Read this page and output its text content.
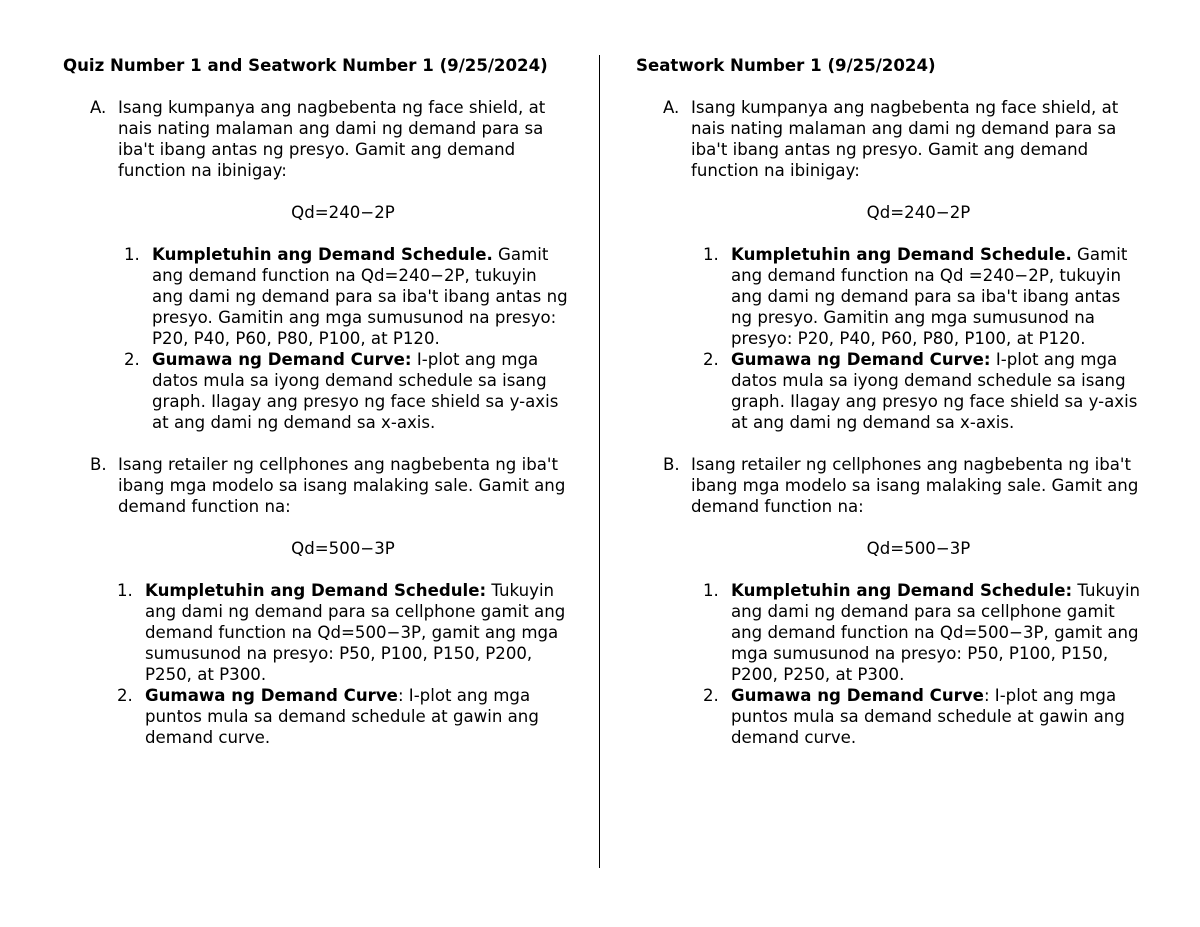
Quiz Number 1 and Seatwork Number 1 (9/25/2024)
A. Isang kumpanya ang nagbebenta ng face shield, at nais nating malaman ang dami ng demand para sa iba't ibang antas ng presyo. Gamit ang demand function na ibinigay:
Qd=240−2P
1. Kumpletuhin ang Demand Schedule. Gamit ang demand function na Qd=240−2P, tukuyin ang dami ng demand para sa iba't ibang antas ng presyo. Gamitin ang mga sumusunod na presyo: P20, P40, P60, P80, P100, at P120.
2. Gumawa ng Demand Curve: I-plot ang mga datos mula sa iyong demand schedule sa isang graph. Ilagay ang presyo ng face shield sa y-axis at ang dami ng demand sa x-axis.
B. Isang retailer ng cellphones ang nagbebenta ng iba't ibang mga modelo sa isang malaking sale. Gamit ang demand function na:
Qd=500−3P
1. Kumpletuhin ang Demand Schedule: Tukuyin ang dami ng demand para sa cellphone gamit ang demand function na Qd=500−3P, gamit ang mga sumusunod na presyo: P50, P100, P150, P200, P250, at P300.
2. Gumawa ng Demand Curve: I-plot ang mga puntos mula sa demand schedule at gawin ang demand curve.
Seatwork Number 1 (9/25/2024)
A. Isang kumpanya ang nagbebenta ng face shield, at nais nating malaman ang dami ng demand para sa iba't ibang antas ng presyo. Gamit ang demand function na ibinigay:
Qd=240−2P
1. Kumpletuhin ang Demand Schedule. Gamit ang demand function na Qd =240−2P, tukuyin ang dami ng demand para sa iba't ibang antas ng presyo. Gamitin ang mga sumusunod na presyo: P20, P40, P60, P80, P100, at P120.
2. Gumawa ng Demand Curve: I-plot ang mga datos mula sa iyong demand schedule sa isang graph. Ilagay ang presyo ng face shield sa y-axis at ang dami ng demand sa x-axis.
B. Isang retailer ng cellphones ang nagbebenta ng iba't ibang mga modelo sa isang malaking sale. Gamit ang demand function na:
Qd=500−3P
1. Kumpletuhin ang Demand Schedule: Tukuyin ang dami ng demand para sa cellphone gamit ang demand function na Qd=500−3P, gamit ang mga sumusunod na presyo: P50, P100, P150, P200, P250, at P300.
2. Gumawa ng Demand Curve: I-plot ang mga puntos mula sa demand schedule at gawin ang demand curve.
